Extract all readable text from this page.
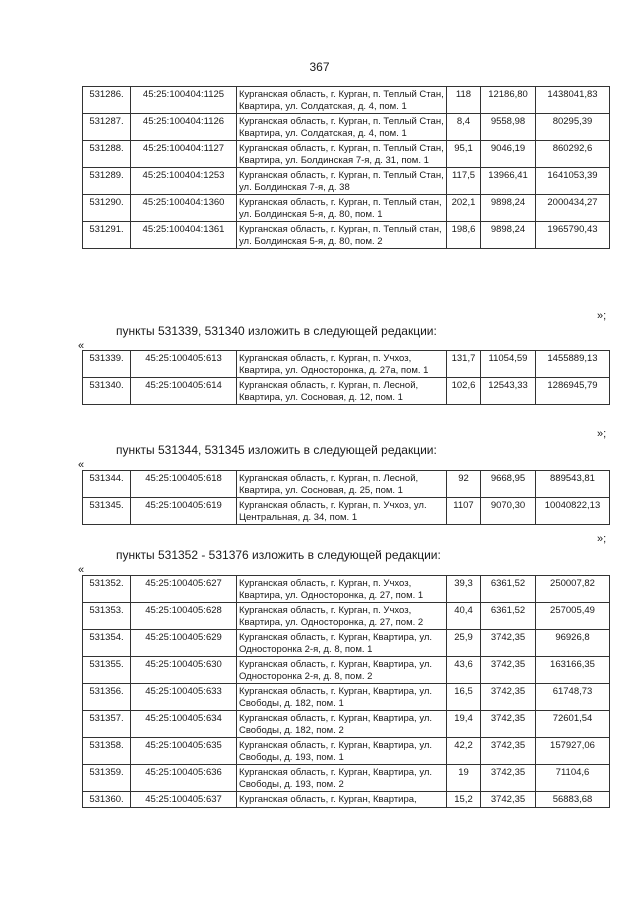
367
531286.	45:25:100404:1125	Курганская область, г. Курган, п. Теплый Стан, Квартира, ул. Солдатская, д. 4, пом. 1	118	12186,80	1438041,83
531287.	45:25:100404:1126	Курганская область, г. Курган, п. Теплый Стан, Квартира, ул. Солдатская, д. 4, пом. 1	8,4	9558,98	80295,39
531288.	45:25:100404:1127	Курганская область, г. Курган, п. Теплый Стан, Квартира, ул. Болдинская 7-я, д. 31, пом. 1	95,1	9046,19	860292,6
531289.	45:25:100404:1253	Курганская область, г. Курган, п. Теплый Стан, ул. Болдинская 7-я, д. 38	117,5	13966,41	1641053,39
531290.	45:25:100404:1360	Курганская область, г. Курган, п. Теплый стан, ул. Болдинская 5-я, д. 80, пом. 1	202,1	9898,24	2000434,27
531291.	45:25:100404:1361	Курганская область, г. Курган, п. Теплый стан, ул. Болдинская 5-я, д. 80, пом. 2	198,6	9898,24	1965790,43
»;
пункты 531339, 531340 изложить в следующей редакции:
«
531339.	45:25:100405:613	Курганская область, г. Курган, п. Учхоз, Квартира, ул. Односторонка, д. 27а, пом. 1	131,7	11054,59	1455889,13
531340.	45:25:100405:614	Курганская область, г. Курган, п. Лесной, Квартира, ул. Сосновая, д. 12, пом. 1	102,6	12543,33	1286945,79
»;
пункты 531344, 531345 изложить в следующей редакции:
«
531344.	45:25:100405:618	Курганская область, г. Курган, п. Лесной, Квартира, ул. Сосновая, д. 25, пом. 1	92	9668,95	889543,81
531345.	45:25:100405:619	Курганская область, г. Курган, п. Учхоз, ул. Центральная, д. 34, пом. 1	1107	9070,30	10040822,13
»;
пункты 531352 - 531376 изложить в следующей редакции:
«
531352.	45:25:100405:627	Курганская область, г. Курган, п. Учхоз, Квартира, ул. Односторонка, д. 27, пом. 1	39,3	6361,52	250007,82
531353.	45:25:100405:628	Курганская область, г. Курган, п. Учхоз, Квартира, ул. Односторонка, д. 27, пом. 2	40,4	6361,52	257005,49
531354.	45:25:100405:629	Курганская область, г. Курган, Квартира, ул. Односторонка 2-я, д. 8, пом. 1	25,9	3742,35	96926,8
531355.	45:25:100405:630	Курганская область, г. Курган, Квартира, ул. Односторонка 2-я, д. 8, пом. 2	43,6	3742,35	163166,35
531356.	45:25:100405:633	Курганская область, г. Курган, Квартира, ул. Свободы, д. 182, пом. 1	16,5	3742,35	61748,73
531357.	45:25:100405:634	Курганская область, г. Курган, Квартира, ул. Свободы, д. 182, пом. 2	19,4	3742,35	72601,54
531358.	45:25:100405:635	Курганская область, г. Курган, Квартира, ул. Свободы, д. 193, пом. 1	42,2	3742,35	157927,06
531359.	45:25:100405:636	Курганская область, г. Курган, Квартира, ул. Свободы, д. 193, пом. 2	19	3742,35	71104,6
531360.	45:25:100405:637	Курганская область, г. Курган, Квартира,	15,2	3742,35	56883,68
